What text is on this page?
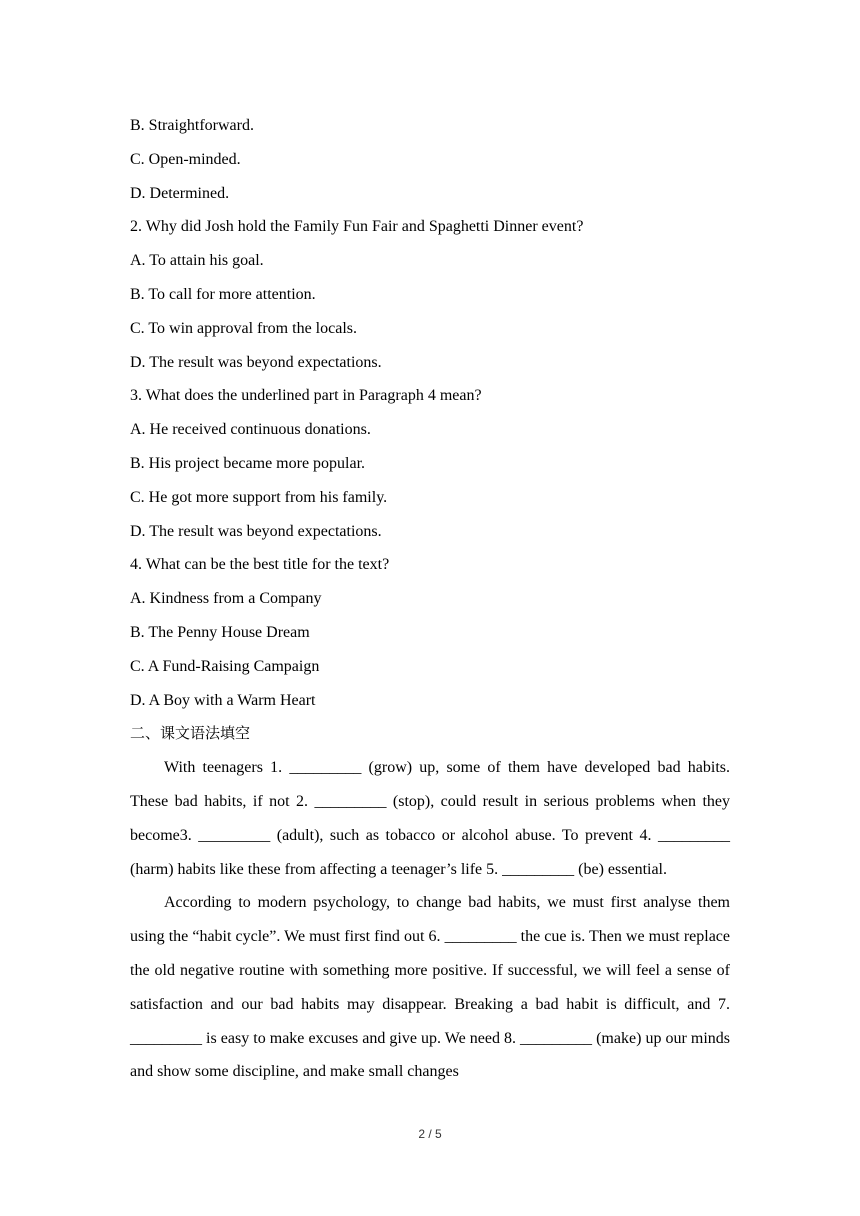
B. Straightforward.
C. Open-minded.
D. Determined.
2. Why did Josh hold the Family Fun Fair and Spaghetti Dinner event?
A. To attain his goal.
B. To call for more attention.
C. To win approval from the locals.
D. The result was beyond expectations.
3. What does the underlined part in Paragraph 4 mean?
A. He received continuous donations.
B. His project became more popular.
C. He got more support from his family.
D. The result was beyond expectations.
4. What can be the best title for the text?
A. Kindness from a Company
B. The Penny House Dream
C. A Fund-Raising Campaign
D. A Boy with a Warm Heart
二、课文语法填空

With teenagers 1. _________ (grow) up, some of them have developed bad habits. These bad habits, if not 2. _________ (stop), could result in serious problems when they become3. _________ (adult), such as tobacco or alcohol abuse. To prevent 4. _________ (harm) habits like these from affecting a teenager’s life 5. _________ (be) essential.

According to modern psychology, to change bad habits, we must first analyse them using the “habit cycle”. We must first find out 6. _________ the cue is. Then we must replace the old negative routine with something more positive. If successful, we will feel a sense of satisfaction and our bad habits may disappear. Breaking a bad habit is difficult, and 7. _________ is easy to make excuses and give up. We need 8. _________ (make) up our minds and show some discipline, and make small changes

2 / 5
